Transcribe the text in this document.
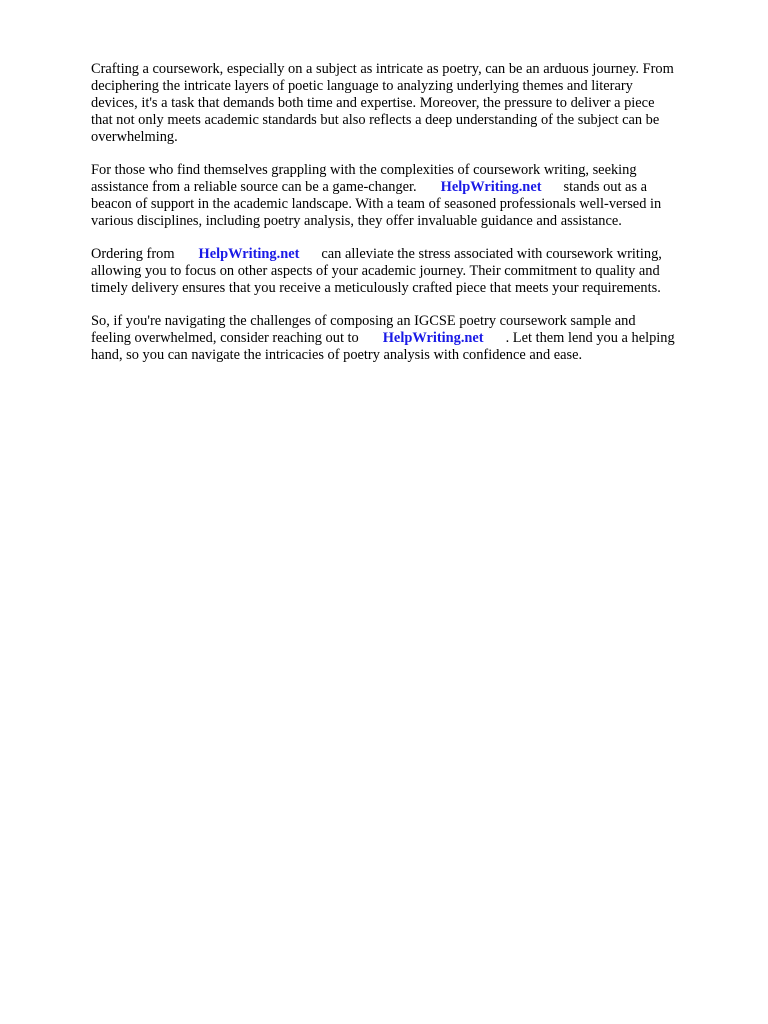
Crafting a coursework, especially on a subject as intricate as poetry, can be an arduous journey. From
deciphering the intricate layers of poetic language to analyzing underlying themes and literary
devices, it's a task that demands both time and expertise. Moreover, the pressure to deliver a piece
that not only meets academic standards but also reflects a deep understanding of the subject can be
overwhelming.

For those who find themselves grappling with the complexities of coursework writing, seeking
assistance from a reliable source can be a game-changer. HelpWriting.net stands out as a
beacon of support in the academic landscape. With a team of seasoned professionals well-versed in
various disciplines, including poetry analysis, they offer invaluable guidance and assistance.

Ordering from HelpWriting.net can alleviate the stress associated with coursework writing,
allowing you to focus on other aspects of your academic journey. Their commitment to quality and
timely delivery ensures that you receive a meticulously crafted piece that meets your requirements.

So, if you're navigating the challenges of composing an IGCSE poetry coursework sample and
feeling overwhelmed, consider reaching out to HelpWriting.net . Let them lend you a helping
hand, so you can navigate the intricacies of poetry analysis with confidence and ease.
